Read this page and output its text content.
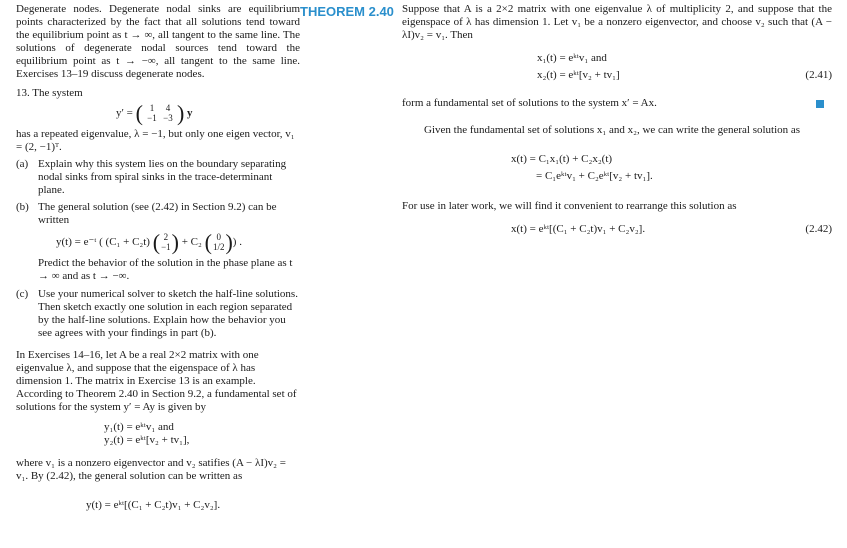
Degenerate nodes. Degenerate nodal sinks are equilibrium points characterized by the fact that all solutions tend toward the equilibrium point as t → ∞, all tangent to the same line. The solutions of degenerate nodal sources tend toward the equilibrium point as t → −∞, all tangent to the same line. Exercises 13–19 discuss degenerate nodes.

13. The system

y′ = ( 1 4
−1 −3 ) y

has a repeated eigenvalue, λ = −1, but only one eigen vector, v₁ = (2, −1)ᵀ.

(a) Explain why this system lies on the boundary separating nodal sinks from spiral sinks in the trace-determinant plane.
(b) The general solution (see (2.42) in Section 9.2) can be written
y(t) = e⁻ᵗ ( (C₁ + C₂t) ( 2
−1) + C₂ ( 0
1/2)) .

Predict the behavior of the solution in the phase plane as t → ∞ and as t → −∞.

(c) Use your numerical solver to sketch the half-line solutions. Then sketch exactly one solution in each region separated by the half-line solutions. Explain how the behavior you see agrees with your findings in part (b).

In Exercises 14–16, let A be a real 2×2 matrix with one eigenvalue λ, and suppose that the eigenspace of λ has dimension 1. The matrix in Exercise 13 is an example. According to Theorem 2.40 in Section 9.2, a fundamental set of solutions for the system y′ = Ay is given by

y₁(t) = eᵏᵗv₁ and

y₂(t) = eᵏᵗ[v₂ + tv₁],

where v₁ is a nonzero eigenvector and v₂ satifies (A − λI)v₂ = v₁. By (2.42), the general solution can be written as

y(t) = eᵏᵗ[(C₁ + C₂t)v₁ + C₂v₂].

THEOREM 2.40 Suppose that A is a 2×2 matrix with one eigenvalue λ of multiplicity 2, and suppose that the eigenspace of λ has dimension 1. Let v₁ be a nonzero eigenvector, and choose v₂ such that (A − λI)v₂ = v₁. Then

x₁(t) = eᵏᵗv₁ and

x₂(t) = eᵏᵗ[v₂ + tv₁]	(2.41)
form a fundamental set of solutions to the system x′ = Ax.

Given the fundamental set of solutions x₁ and x₂, we can write the general solution as

x(t) = C₁x₁(t) + C₂x₂(t)

= C₁eᵏᵗv₁ + C₂eᵏᵗ[v₂ + tv₁].

For use in later work, we will find it convenient to rearrange this solution as

x(t) = eᵏᵗ[(C₁ + C₂t)v₁ + C₂v₂].	(2.42)
